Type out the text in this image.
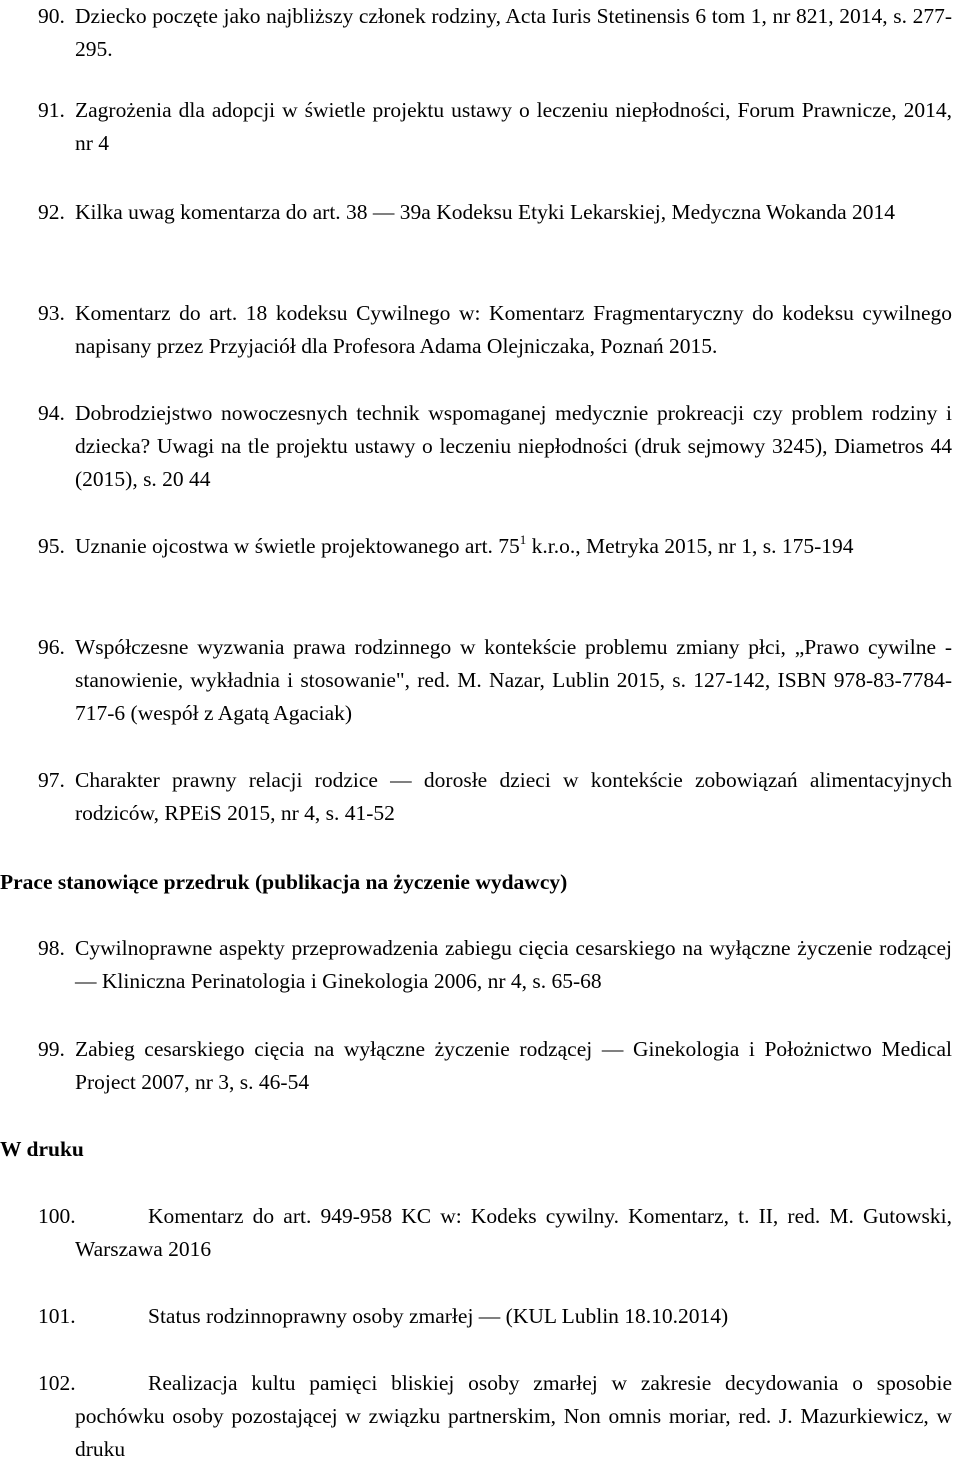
90. Dziecko poczęte jako najbliższy członek rodziny, Acta Iuris Stetinensis 6 tom 1, nr 821, 2014, s. 277-295.
91. Zagrożenia dla adopcji w świetle projektu ustawy o leczeniu niepłodności, Forum Prawnicze, 2014, nr 4
92. Kilka uwag komentarza do art. 38 ― 39a Kodeksu Etyki Lekarskiej, Medyczna Wokanda 2014
93. Komentarz do art. 18 kodeksu Cywilnego w: Komentarz Fragmentaryczny do kodeksu cywilnego napisany przez Przyjaciół dla Profesora Adama Olejniczaka, Poznań 2015.
94. Dobrodziejstwo nowoczesnych technik wspomaganej medycznie prokreacji czy problem rodziny i dziecka? Uwagi na tle projektu ustawy o leczeniu niepłodności (druk sejmowy 3245), Diametros 44 (2015), s. 20 44
95. Uznanie ojcostwa w świetle projektowanego art. $75^1$ k.r.o., Metryka 2015, nr 1, s. 175-194
96. Współczesne wyzwania prawa rodzinnego w kontekście problemu zmiany płci, „Prawo cywilne - stanowienie, wykładnia i stosowanie", red. M. Nazar, Lublin 2015, s. 127-142, ISBN 978-83-7784-717-6 (wespół z Agatą Agaciak)
97. Charakter prawny relacji rodzice ― dorosłe dzieci w kontekście zobowiązań alimentacyjnych rodziców, RPEiS 2015, nr 4, s. 41-52
Prace stanowiące przedruk (publikacja na życzenie wydawcy)
98. Cywilnoprawne aspekty przeprowadzenia zabiegu cięcia cesarskiego na wyłączne życzenie rodzącej ― Kliniczna Perinatologia i Ginekologia 2006, nr 4, s. 65-68
99. Zabieg cesarskiego cięcia na wyłączne życzenie rodzącej ― Ginekologia i Położnictwo Medical Project 2007, nr 3, s. 46-54
W druku
100.	Komentarz do art. 949-958 KC w: Kodeks cywilny. Komentarz, t. II, red. M. Gutowski, Warszawa 2016
101.	Status rodzinnoprawny osoby zmarłej ― (KUL Lublin 18.10.2014)
102.	Realizacja kultu pamięci bliskiej osoby zmarłej w zakresie decydowania o sposobie pochówku osoby pozostającej w związku partnerskim, Non omnis moriar, red. J. Mazurkiewicz, w druku
